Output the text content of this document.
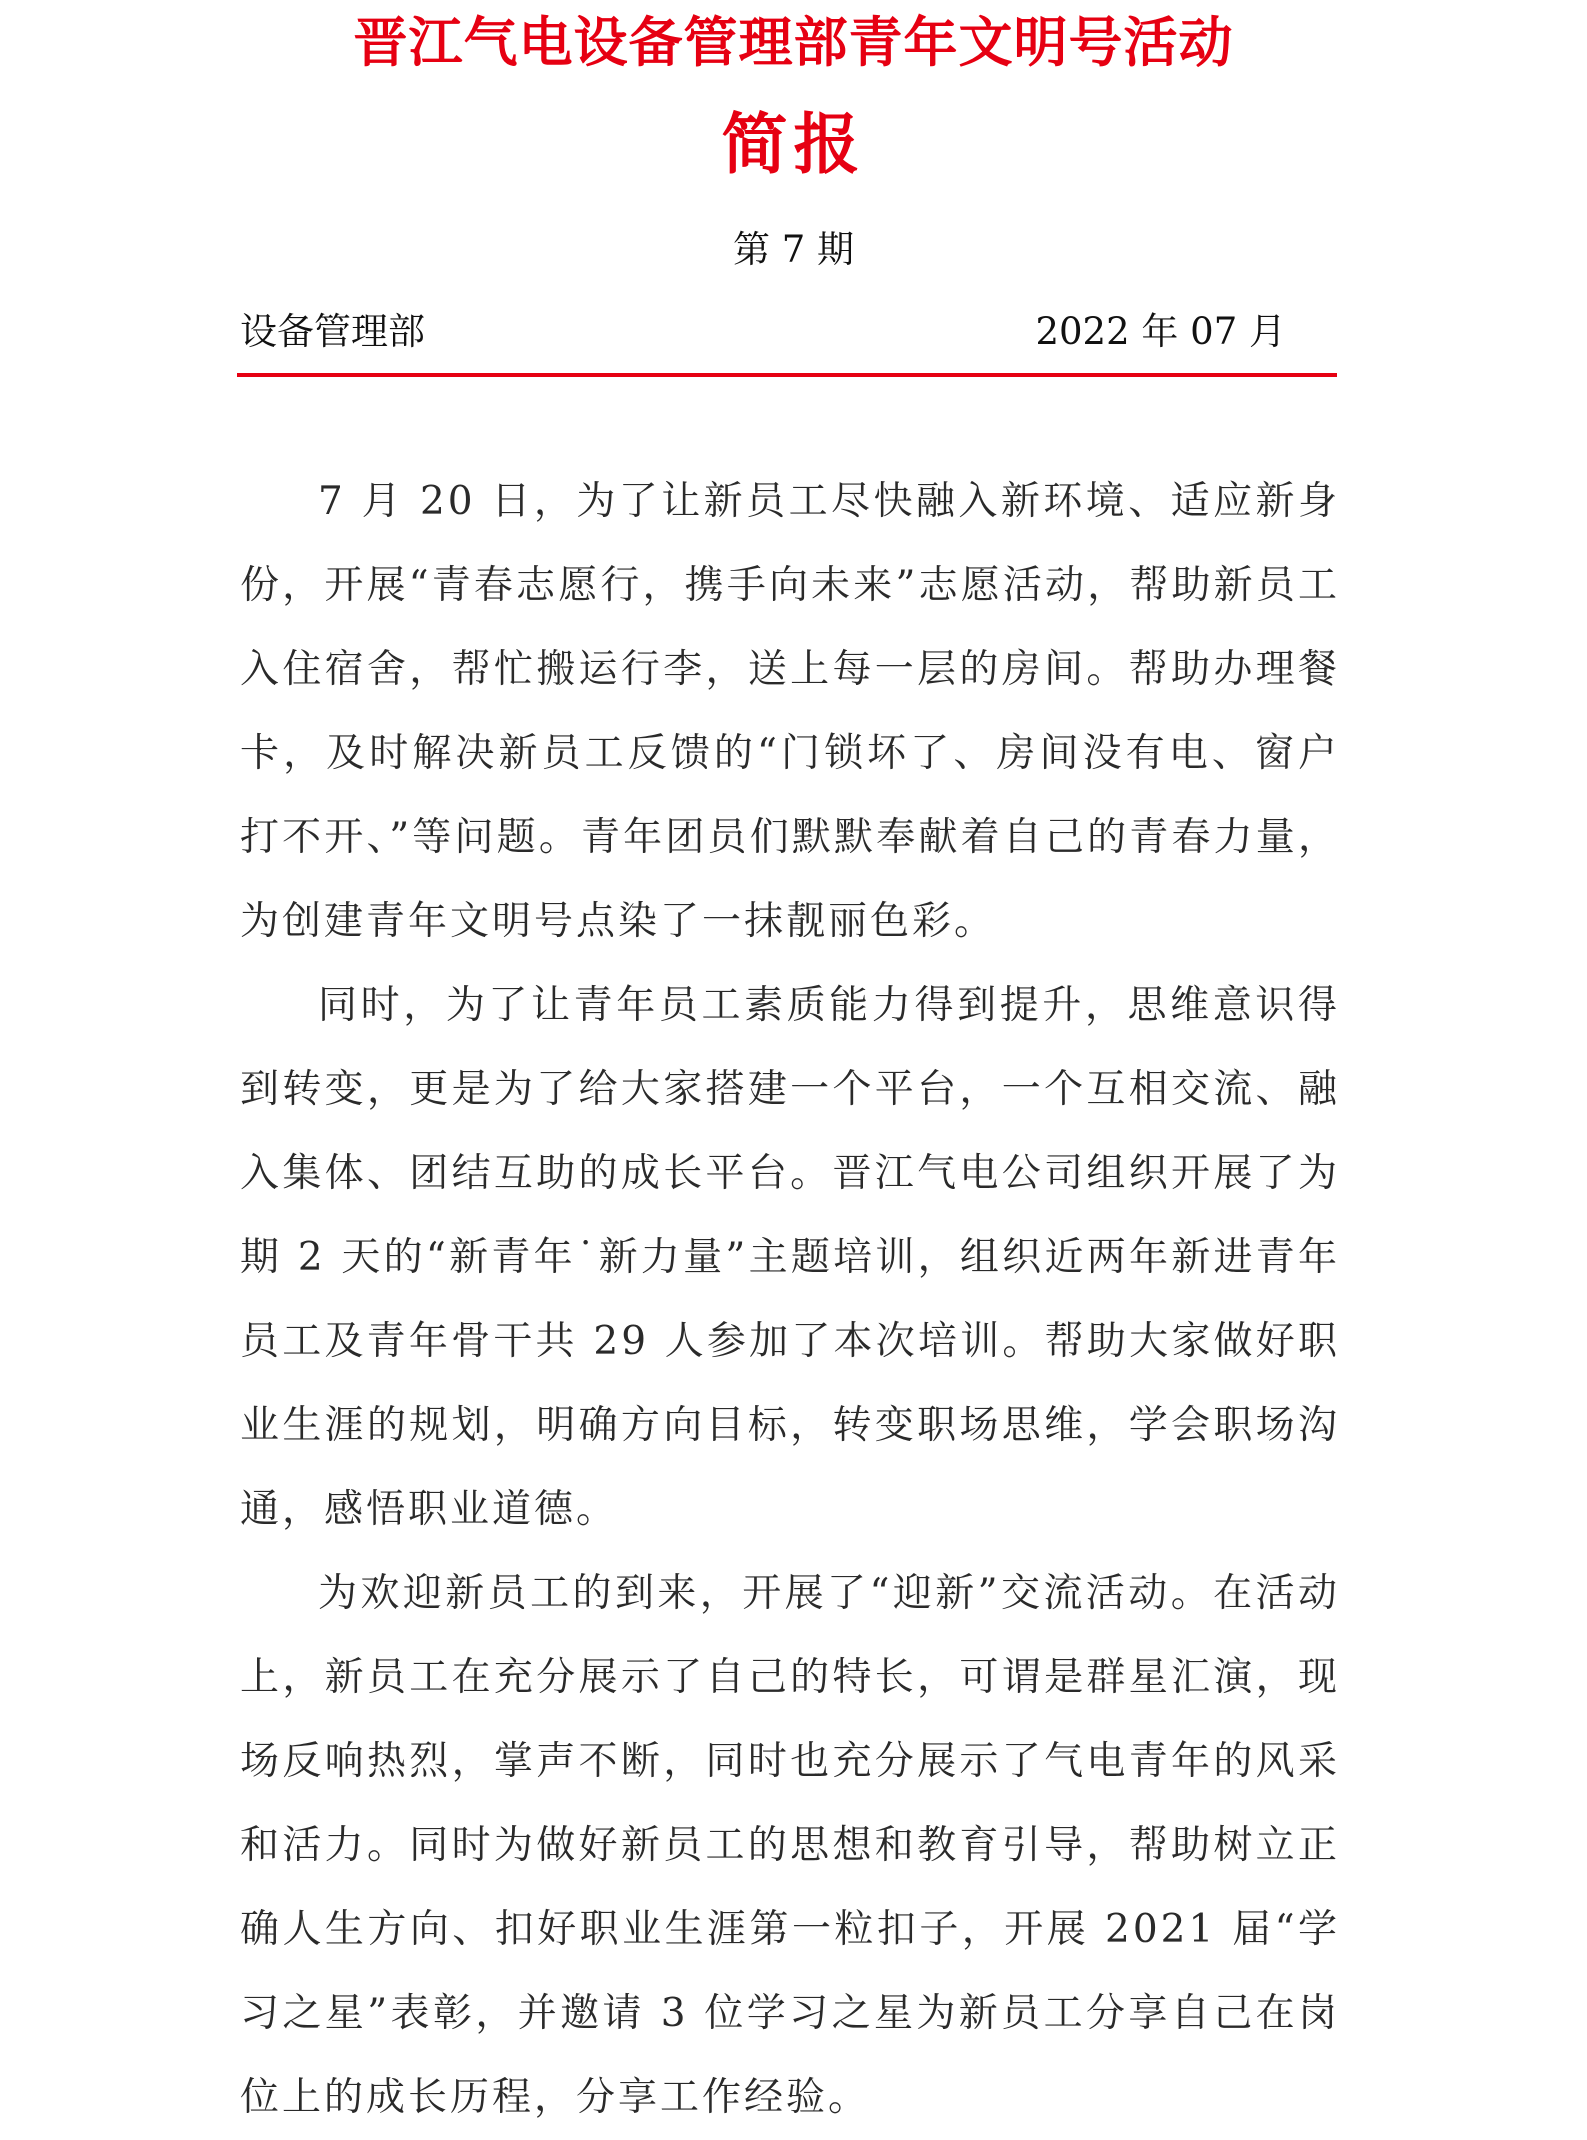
晋江气电设备管理部青年文明号活动
简报
第 7 期
设备管理部	2022 年 07 月

7 月 20 日，为了让新员工尽快融入新环境、适应新身份，开展“青春志愿行，携手向未来”志愿活动，帮助新员工入住宿舍，帮忙搬运行李，送上每一层的房间。帮助办理餐卡，及时解决新员工反馈的“门锁坏了、房间没有电、窗户打不开、”等问题。青年团员们默默奉献着自己的青春力量，为创建青年文明号点染了一抹靓丽色彩。

同时，为了让青年员工素质能力得到提升，思维意识得到转变，更是为了给大家搭建一个平台，一个互相交流、融入集体、团结互助的成长平台。晋江气电公司组织开展了为期 2 天的“新青年˙新力量”主题培训，组织近两年新进青年员工及青年骨干共 29 人参加了本次培训。帮助大家做好职业生涯的规划，明确方向目标，转变职场思维，学会职场沟通，感悟职业道德。

为欢迎新员工的到来，开展了“迎新”交流活动。在活动上，新员工在充分展示了自己的特长，可谓是群星汇演，现场反响热烈，掌声不断，同时也充分展示了气电青年的风采和活力。同时为做好新员工的思想和教育引导，帮助树立正确人生方向、扣好职业生涯第一粒扣子，开展 2021 届“学习之星”表彰，并邀请 3 位学习之星为新员工分享自己在岗位上的成长历程，分享工作经验。
